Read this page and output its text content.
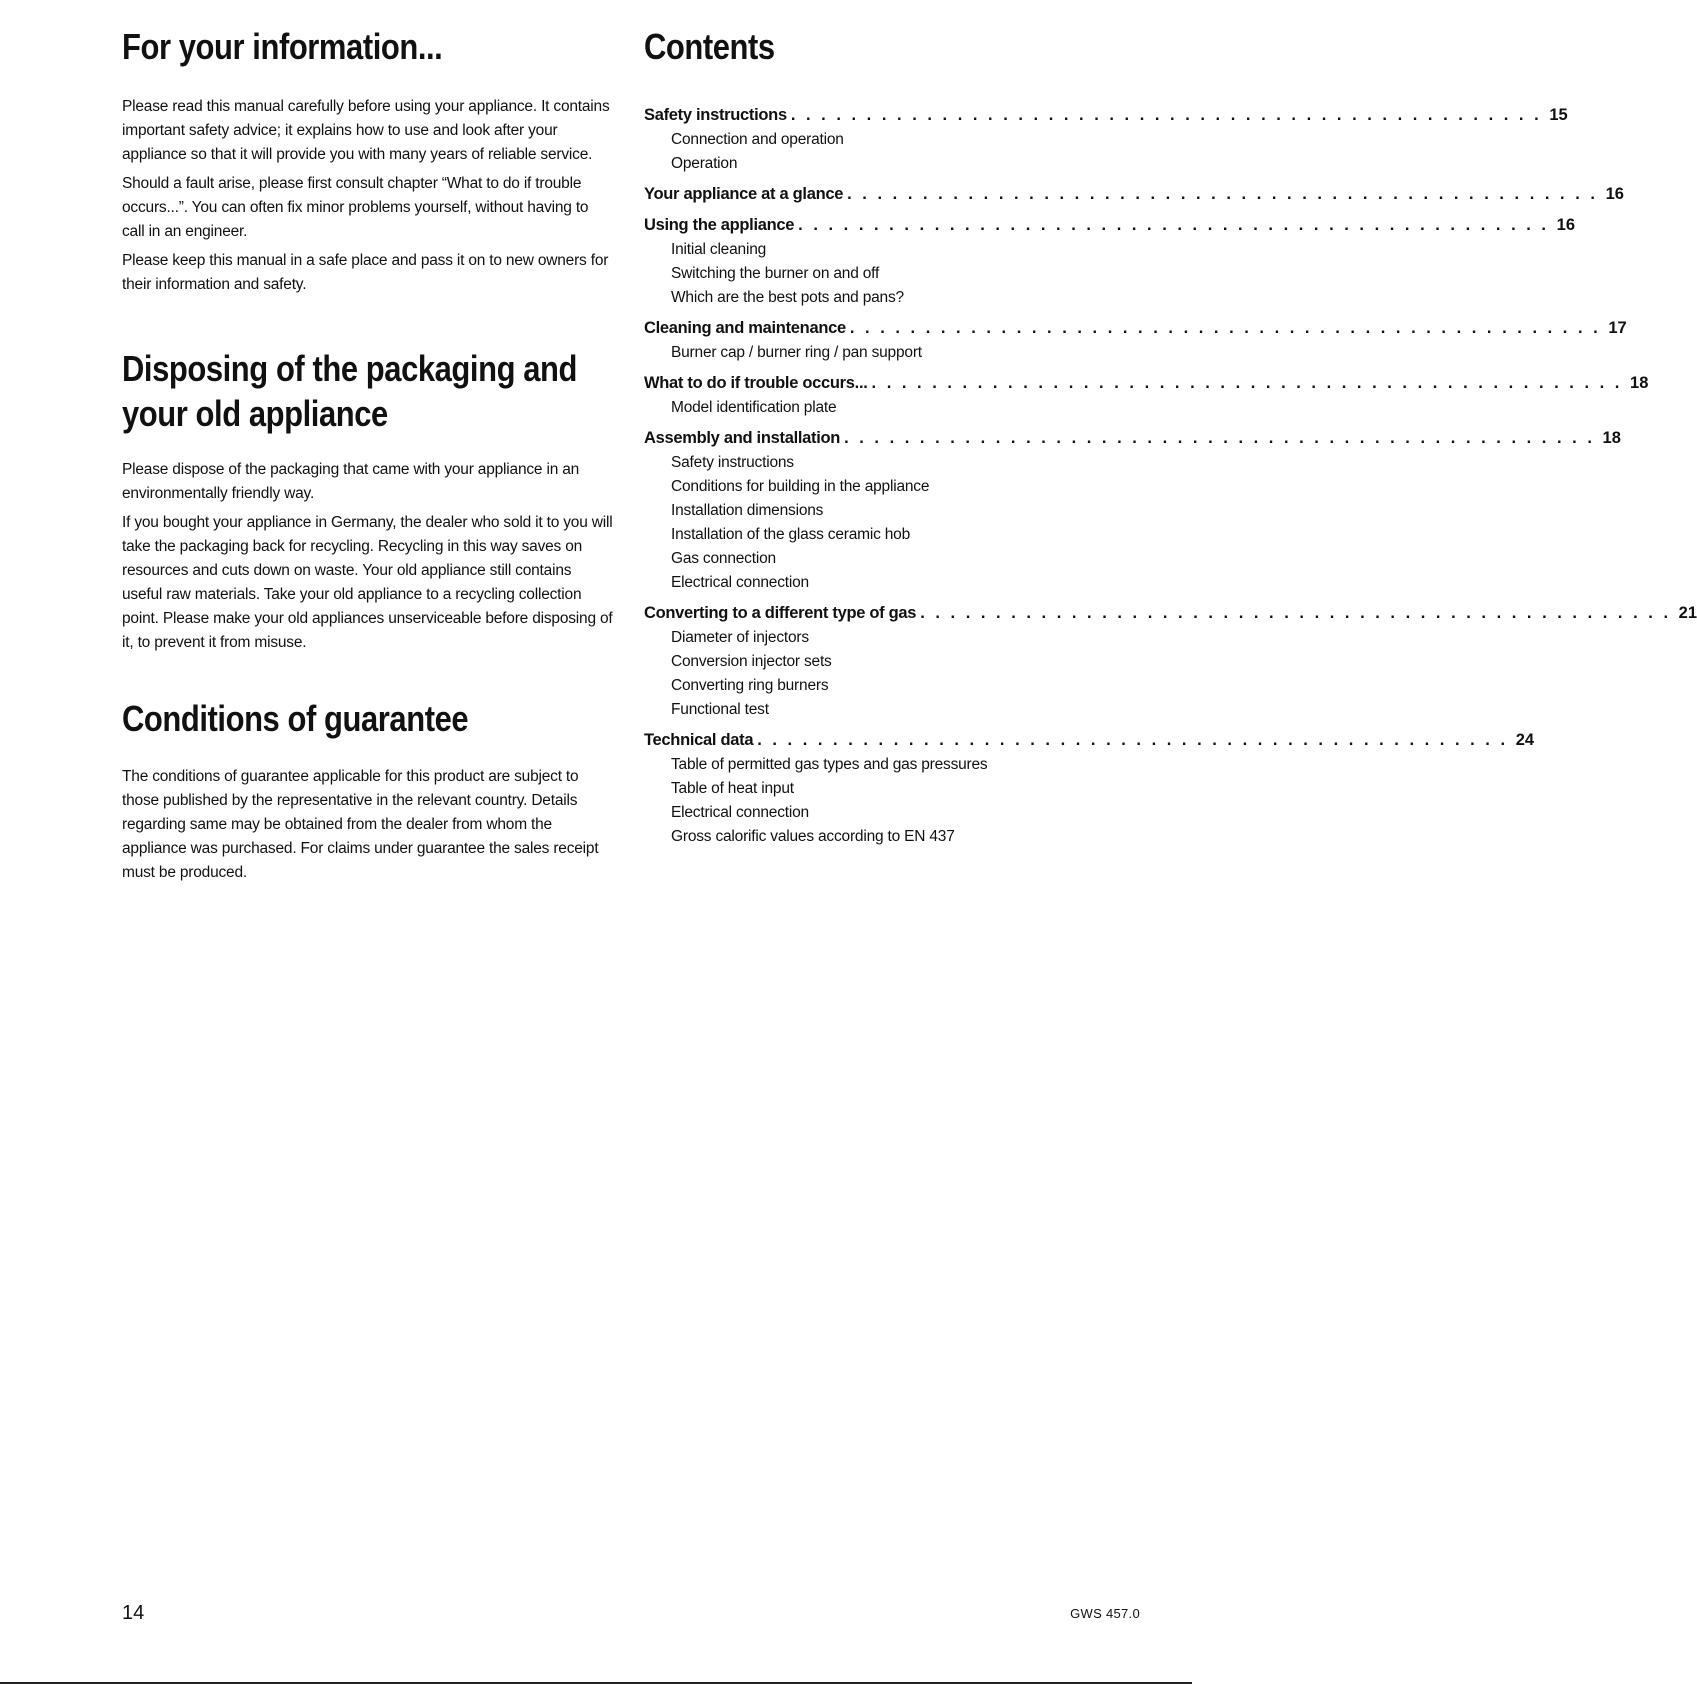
For your information...

Please read this manual carefully before using your appliance. It contains important safety advice; it explains how to use and look after your appliance so that it will provide you with many years of reliable service.

Should a fault arise, please first consult chapter “What to do if trouble occurs...”. You can often fix minor problems yourself, without having to call in an engineer.

Please keep this manual in a safe place and pass it on to new owners for their information and safety.

Disposing of the packaging and
your old appliance

Please dispose of the packaging that came with your appliance in an environmentally friendly way.

If you bought your appliance in Germany, the dealer who sold it to you will take the packaging back for recycling. Recycling in this way saves on resources and cuts down on waste. Your old appliance still contains useful raw materials. Take your old appliance to a recycling collection point. Please make your old appliances unserviceable before disposing of it, to prevent it from misuse.

Conditions of guarantee

The conditions of guarantee applicable for this product are subject to those published by the representative in the relevant country. Details regarding same may be obtained from the dealer from whom the appliance was purchased. For claims under guarantee the sales receipt must be produced.

Contents
Safety instructions . . . . . . . . . . . . . . . . . . . . . . . . . . . . . . . . . . . . . . . . . . . . . . . . . . 15
Connection and operation
Operation
Your appliance at a glance . . . . . . . . . . . . . . . . . . . . . . . . . . . . . . . . . . . . . . . . . . . . . . . . . . 16
Using the appliance . . . . . . . . . . . . . . . . . . . . . . . . . . . . . . . . . . . . . . . . . . . . . . . . . . 16
Initial cleaning
Switching the burner on and off
Which are the best pots and pans?
Cleaning and maintenance . . . . . . . . . . . . . . . . . . . . . . . . . . . . . . . . . . . . . . . . . . . . . . . . . . 17
Burner cap / burner ring / pan support
What to do if trouble occurs... . . . . . . . . . . . . . . . . . . . . . . . . . . . . . . . . . . . . . . . . . . . . . . . . . . 18
Model identification plate
Assembly and installation . . . . . . . . . . . . . . . . . . . . . . . . . . . . . . . . . . . . . . . . . . . . . . . . . . 18
Safety instructions
Conditions for building in the appliance
Installation dimensions
Installation of the glass ceramic hob
Gas connection
Electrical connection
Converting to a different type of gas . . . . . . . . . . . . . . . . . . . . . . . . . . . . . . . . . . . . . . . . . . . . . . . . . . 21
Diameter of injectors
Conversion injector sets
Converting ring burners
Functional test
Technical data . . . . . . . . . . . . . . . . . . . . . . . . . . . . . . . . . . . . . . . . . . . . . . . . . . 24
Table of permitted gas types and gas pressures
Table of heat input
Electrical connection
Gross calorific values according to EN 437
14	GWS 457.0
